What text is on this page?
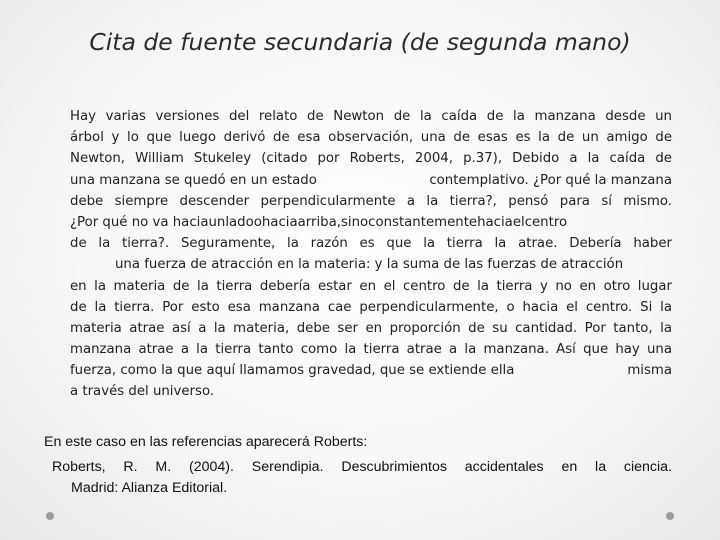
Cita de fuente secundaria (de segunda mano)
Hay varias versiones del relato de Newton de la caída de la manzana desde un
árbol y lo que luego derivó de esa observación, una de esas es la de un amigo de
Newton, William Stukeley (citado por Roberts, 2004, p.37), Debido a la caída de
una manzana se quedó en un estado	contemplativo. ¿Por qué la manzana
debe siempre descender perpendicularmente a la tierra?, pensó para sí mismo.
¿Por qué no va haciaunladoohaciaarriba,sinoconstantementehaciaelcentro
de la tierra?. Seguramente, la razón es que la tierra la atrae. Debería haber
una fuerza de atracción en la materia: y la suma de las fuerzas de atracción
en la materia de la tierra debería estar en el centro de la tierra y no en otro lugar
de la tierra. Por esto esa manzana cae perpendicularmente, o hacia el centro. Si la
materia atrae así a la materia, debe ser en proporción de su cantidad. Por tanto, la
manzana atrae a la tierra tanto como la tierra atrae a la manzana. Así que hay una
fuerza, como la que aquí llamamos gravedad, que se extiende ella	misma
a través del universo.
En este caso en las referencias aparecerá Roberts:
Roberts, R. M. (2004). Serendipia. Descubrimientos accidentales en la ciencia.
Madrid: Alianza Editorial.
